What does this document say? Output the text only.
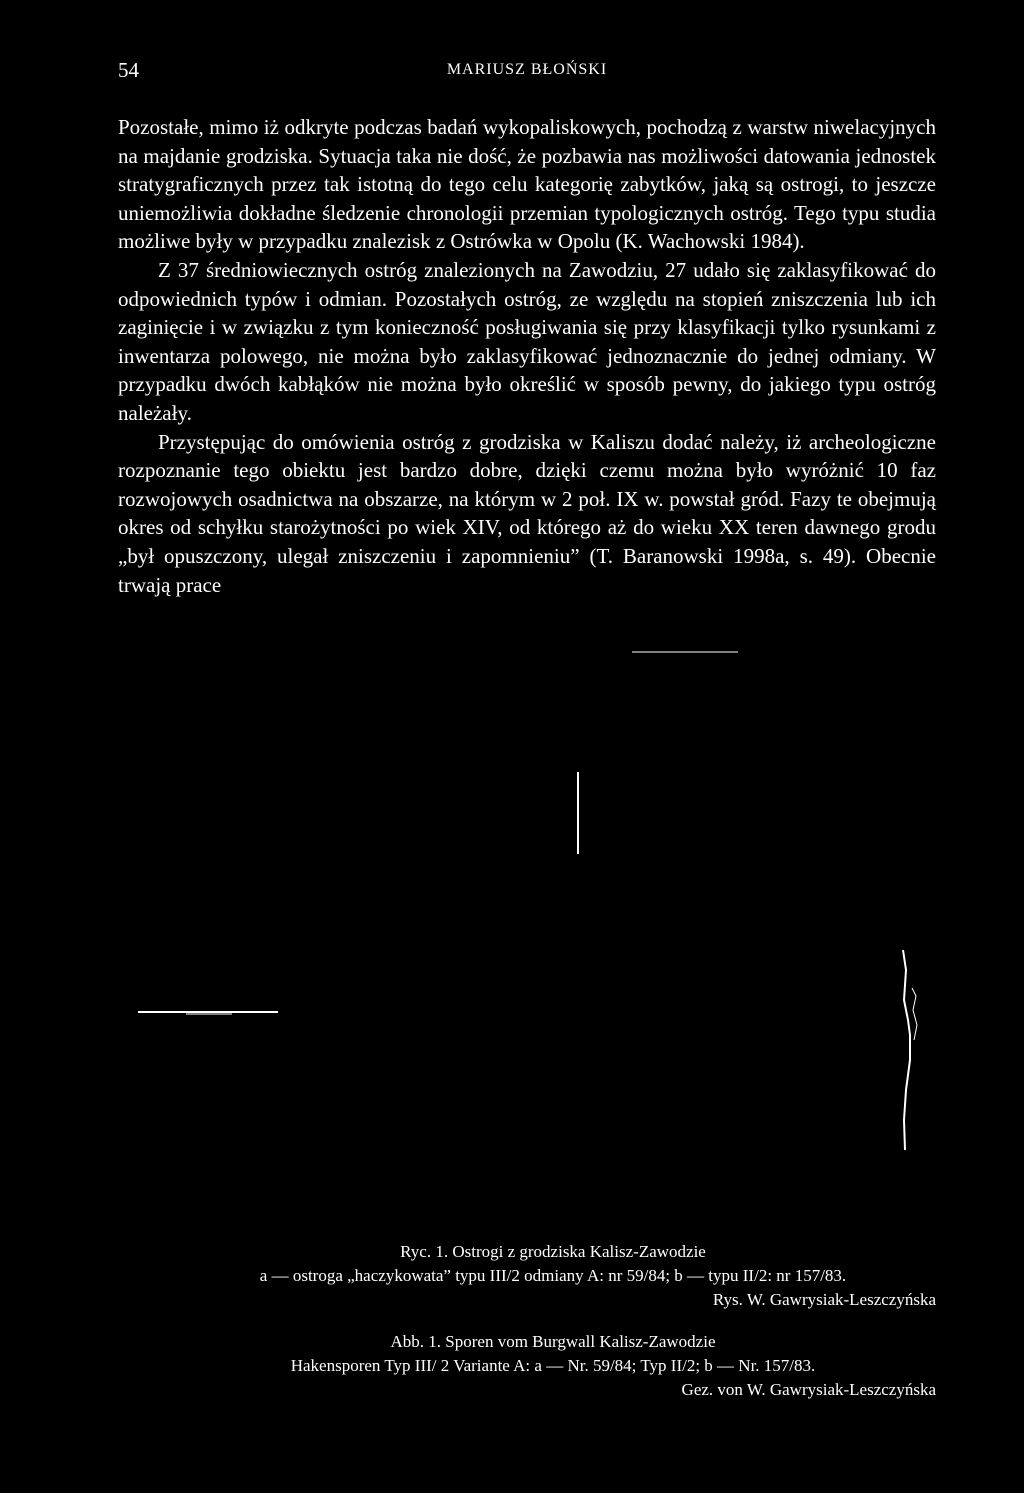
54	MARIUSZ BŁOŃSKI

Pozostałe, mimo iż odkryte podczas badań wykopaliskowych, pochodzą z warstw niwelacyjnych na majdanie grodziska. Sytuacja taka nie dość, że pozbawia nas możliwości datowania jednostek stratygraficznych przez tak istotną do tego celu kategorię zabytków, jaką są ostrogi, to jeszcze uniemożliwia dokładne śledzenie chronologii przemian typologicznych ostróg. Tego typu studia możliwe były w przypadku znalezisk z Ostrówka w Opolu (K. Wachowski 1984).

Z 37 średniowiecznych ostróg znalezionych na Zawodziu, 27 udało się zaklasyfikować do odpowiednich typów i odmian. Pozostałych ostróg, ze względu na stopień zniszczenia lub ich zaginięcie i w związku z tym konieczność posługiwania się przy klasyfikacji tylko rysunkami z inwentarza polowego, nie można było zaklasyfikować jednoznacznie do jednej odmiany. W przypadku dwóch kabłąków nie można było określić w sposób pewny, do jakiego typu ostróg należały.

Przystępując do omówienia ostróg z grodziska w Kaliszu dodać należy, iż archeologiczne rozpoznanie tego obiektu jest bardzo dobre, dzięki czemu można było wyróżnić 10 faz rozwojowych osadnictwa na obszarze, na którym w 2 poł. IX w. powstał gród. Fazy te obejmują okres od schyłku starożytności po wiek XIV, od którego aż do wieku XX teren dawnego grodu „był opuszczony, ulegał zniszczeniu i zapomnieniu” (T. Baranowski 1998a, s. 49). Obecnie trwają prace

Ryc. 1. Ostrogi z grodziska Kalisz-Zawodzie
a — ostroga „haczykowata” typu III/2 odmiany A: nr 59/84; b — typu II/2: nr 157/83.
Rys. W. Gawrysiak-Leszczyńska
Abb. 1. Sporen vom Burgwall Kalisz-Zawodzie
Hakensporen Typ III/ 2 Variante A: a — Nr. 59/84; Typ II/2; b — Nr. 157/83.
Gez. von W. Gawrysiak-Leszczyńska
